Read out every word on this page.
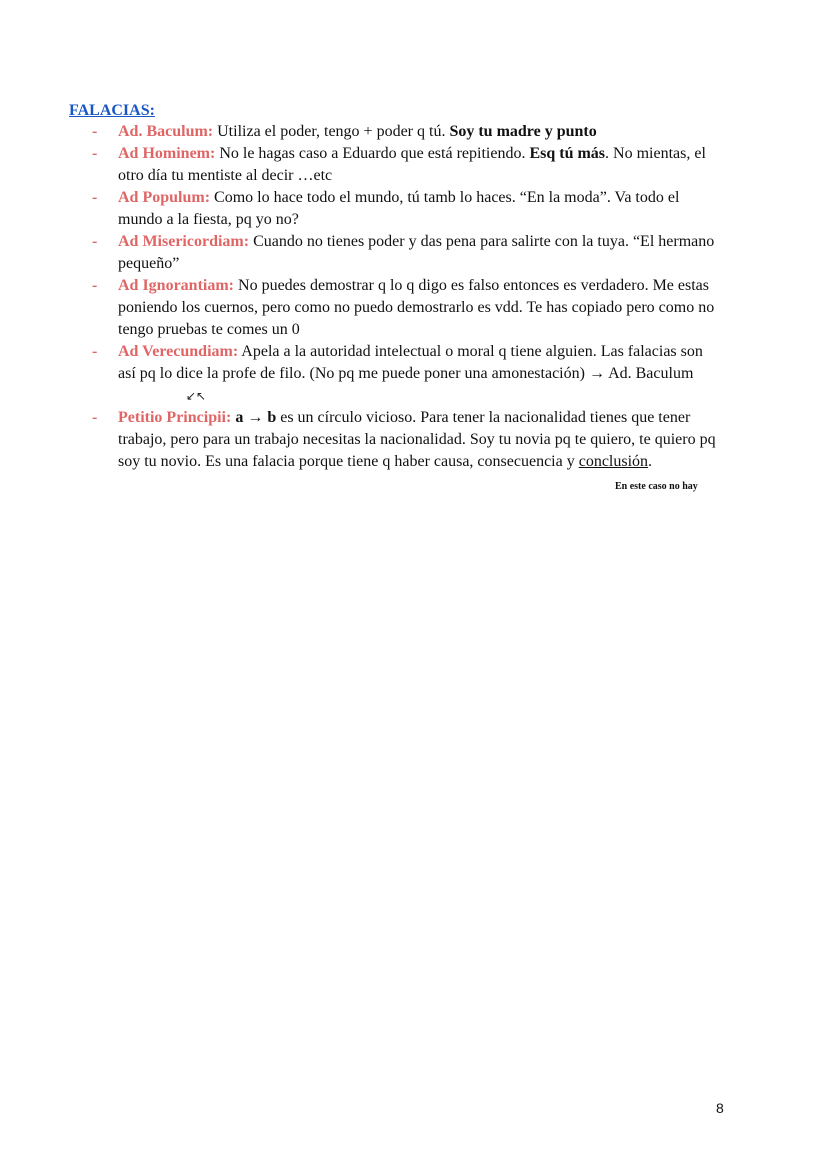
FALACIAS:

- Ad. Baculum: Utiliza el poder, tengo + poder q tú. Soy tu madre y punto
- Ad Hominem: No le hagas caso a Eduardo que está repitiendo. Esq tú más. No mientas, el otro día tu mentiste al decir …etc
- Ad Populum: Como lo hace todo el mundo, tú tamb lo haces. “En la moda”. Va todo el mundo a la fiesta, pq yo no?
- Ad Misericordiam: Cuando no tienes poder y das pena para salirte con la tuya. “El hermano pequeño”
- Ad Ignorantiam: No puedes demostrar q lo q digo es falso entonces es verdadero. Me estas poniendo los cuernos, pero como no puedo demostrarlo es vdd. Te has copiado pero como no tengo pruebas te comes un 0
- Ad Verecundiam: Apela a la autoridad intelectual o moral q tiene alguien. Las falacias son así pq lo dice la profe de filo. (No pq me puede poner una amonestación) → Ad. Baculum↙↖
- Petitio Principii: a → b es un círculo vicioso. Para tener la nacionalidad tienes que tener trabajo, pero para un trabajo necesitas la nacionalidad. Soy tu novia pq te quiero, te quiero pq soy tu novio. Es una falacia porque tiene q haber causa, consecuencia y conclusión.
En este caso no hay
8
